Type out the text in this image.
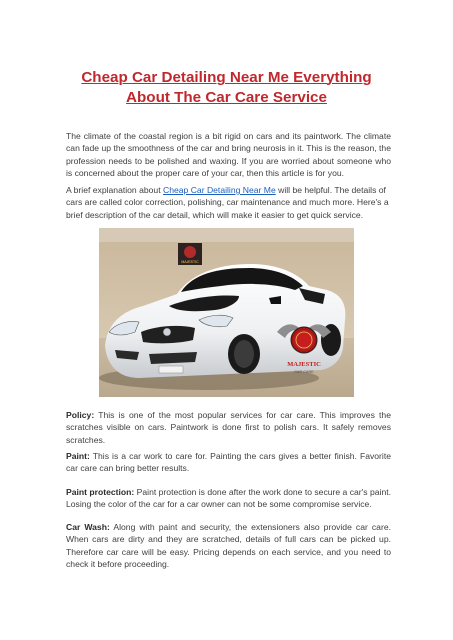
Cheap Car Detailing Near Me Everything
About The Car Care Service

The climate of the coastal region is a bit rigid on cars and its paintwork. The climate can fade up the smoothness of the car and bring neurosis in it. This is the reason, the profession needs to be polished and waxing. If you are worried about someone who is concerned about the proper care of your car, then this article is for you.

A brief explanation about Cheap Car Detailing Near Me will be helpful. The details of cars are called color correction, polishing, car maintenance and much more. Here's a brief description of the car detail, which will make it easier to get quick service.

MAJESTIC
MAJESTIC
CAR CARE

Policy: This is one of the most popular services for car care. This improves the scratches visible on cars. Paintwork is done first to polish cars. It safely removes scratches.

Paint: This is a car work to care for. Painting the cars gives a better finish. Favorite car care can bring better results.

Paint protection: Paint protection is done after the work done to secure a car's paint. Losing the color of the car for a car owner can not be some compromise service.

Car Wash: Along with paint and security, the extensioners also provide car care. When cars are dirty and they are scratched, details of full cars can be picked up. Therefore car care will be easy. Pricing depends on each service, and you need to check it before proceeding.
